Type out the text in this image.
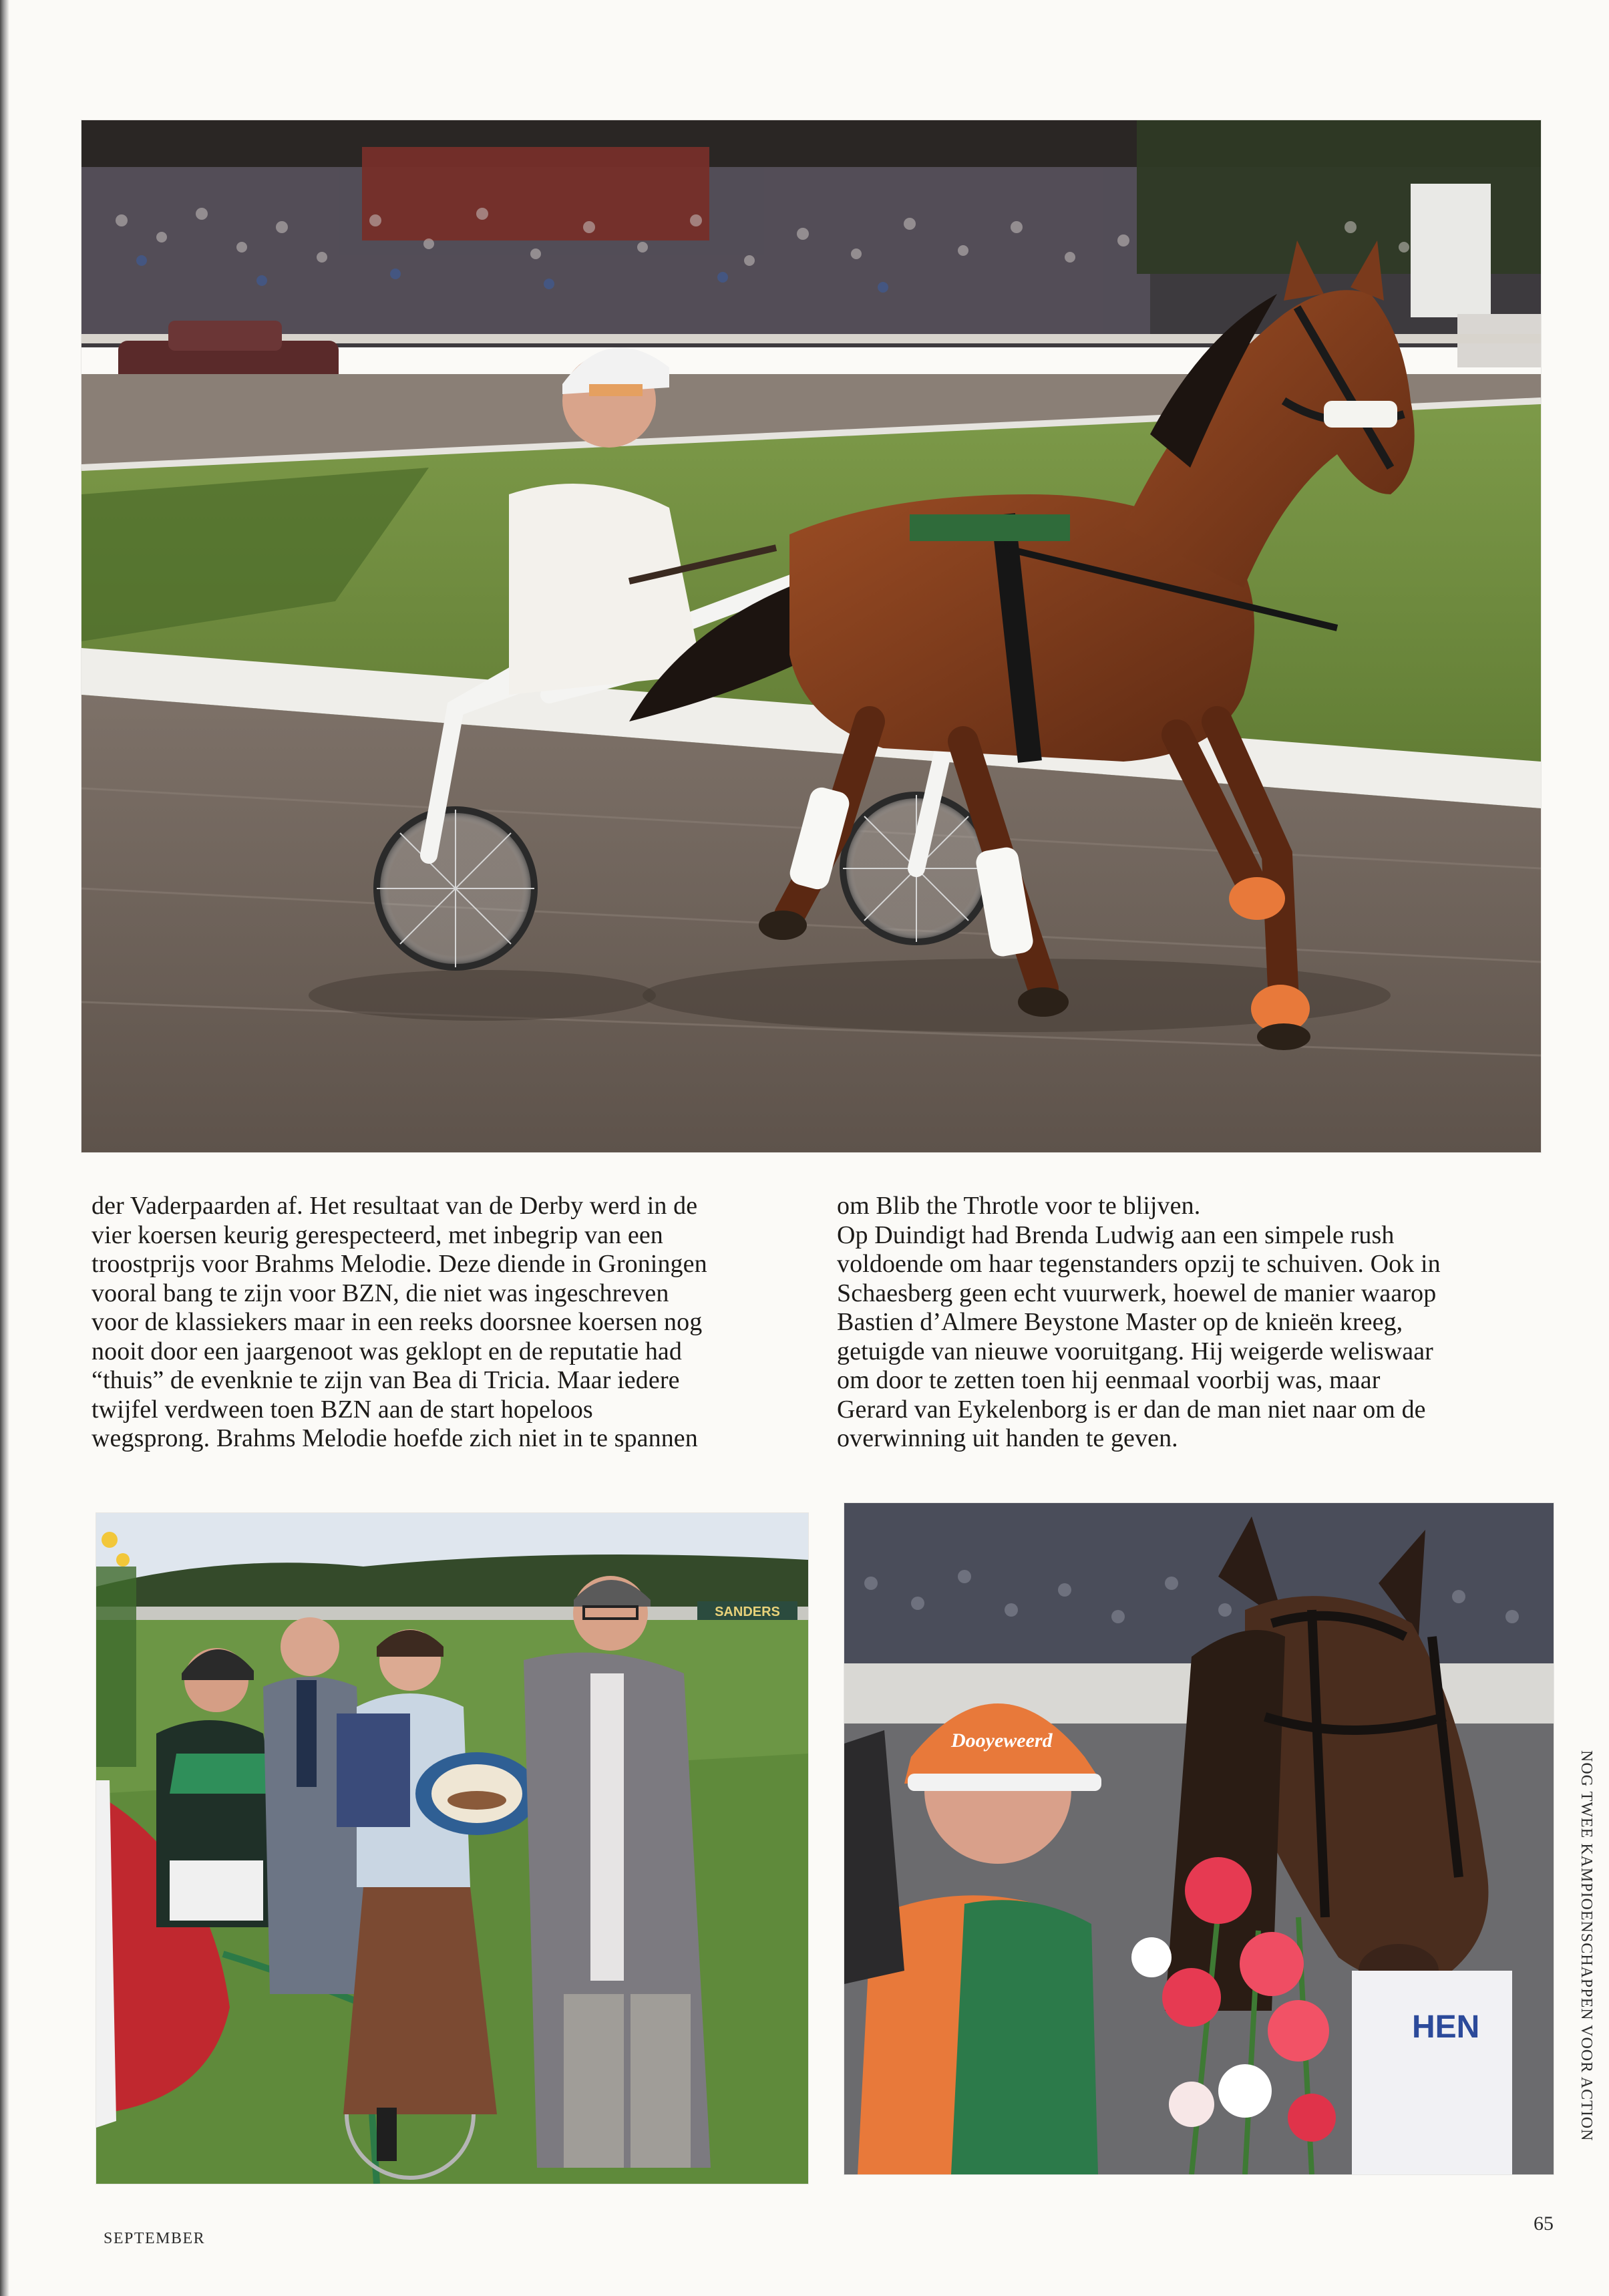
der Vaderpaarden af. Het resultaat van de Derby werd in de
vier koersen keurig gerespecteerd, met inbegrip van een
troostprijs voor Brahms Melodie. Deze diende in Groningen
vooral bang te zijn voor BZN, die niet was ingeschreven
voor de klassiekers maar in een reeks doorsnee koersen nog
nooit door een jaargenoot was geklopt en de reputatie had
“thuis” de evenknie te zijn van Bea di Tricia. Maar iedere
twijfel verdween toen BZN aan de start hopeloos
wegsprong. Brahms Melodie hoefde zich niet in te spannen
om Blib the Throtle voor te blijven.
Op Duindigt had Brenda Ludwig aan een simpele rush
voldoende om haar tegenstanders opzij te schuiven. Ook in
Schaesberg geen echt vuurwerk, hoewel de manier waarop
Bastien d’Almere Beystone Master op de knieën kreeg,
getuigde van nieuwe vooruitgang. Hij weigerde weliswaar
om door te zetten toen hij eenmaal voorbij was, maar
Gerard van Eykelenborg is er dan de man niet naar om de
overwinning uit handen te geven.
SANDERS
HEN
Dooyeweerd
NOG TWEE KAMPIOENSCHAPPEN VOOR ACTION
SEPTEMBER
65
